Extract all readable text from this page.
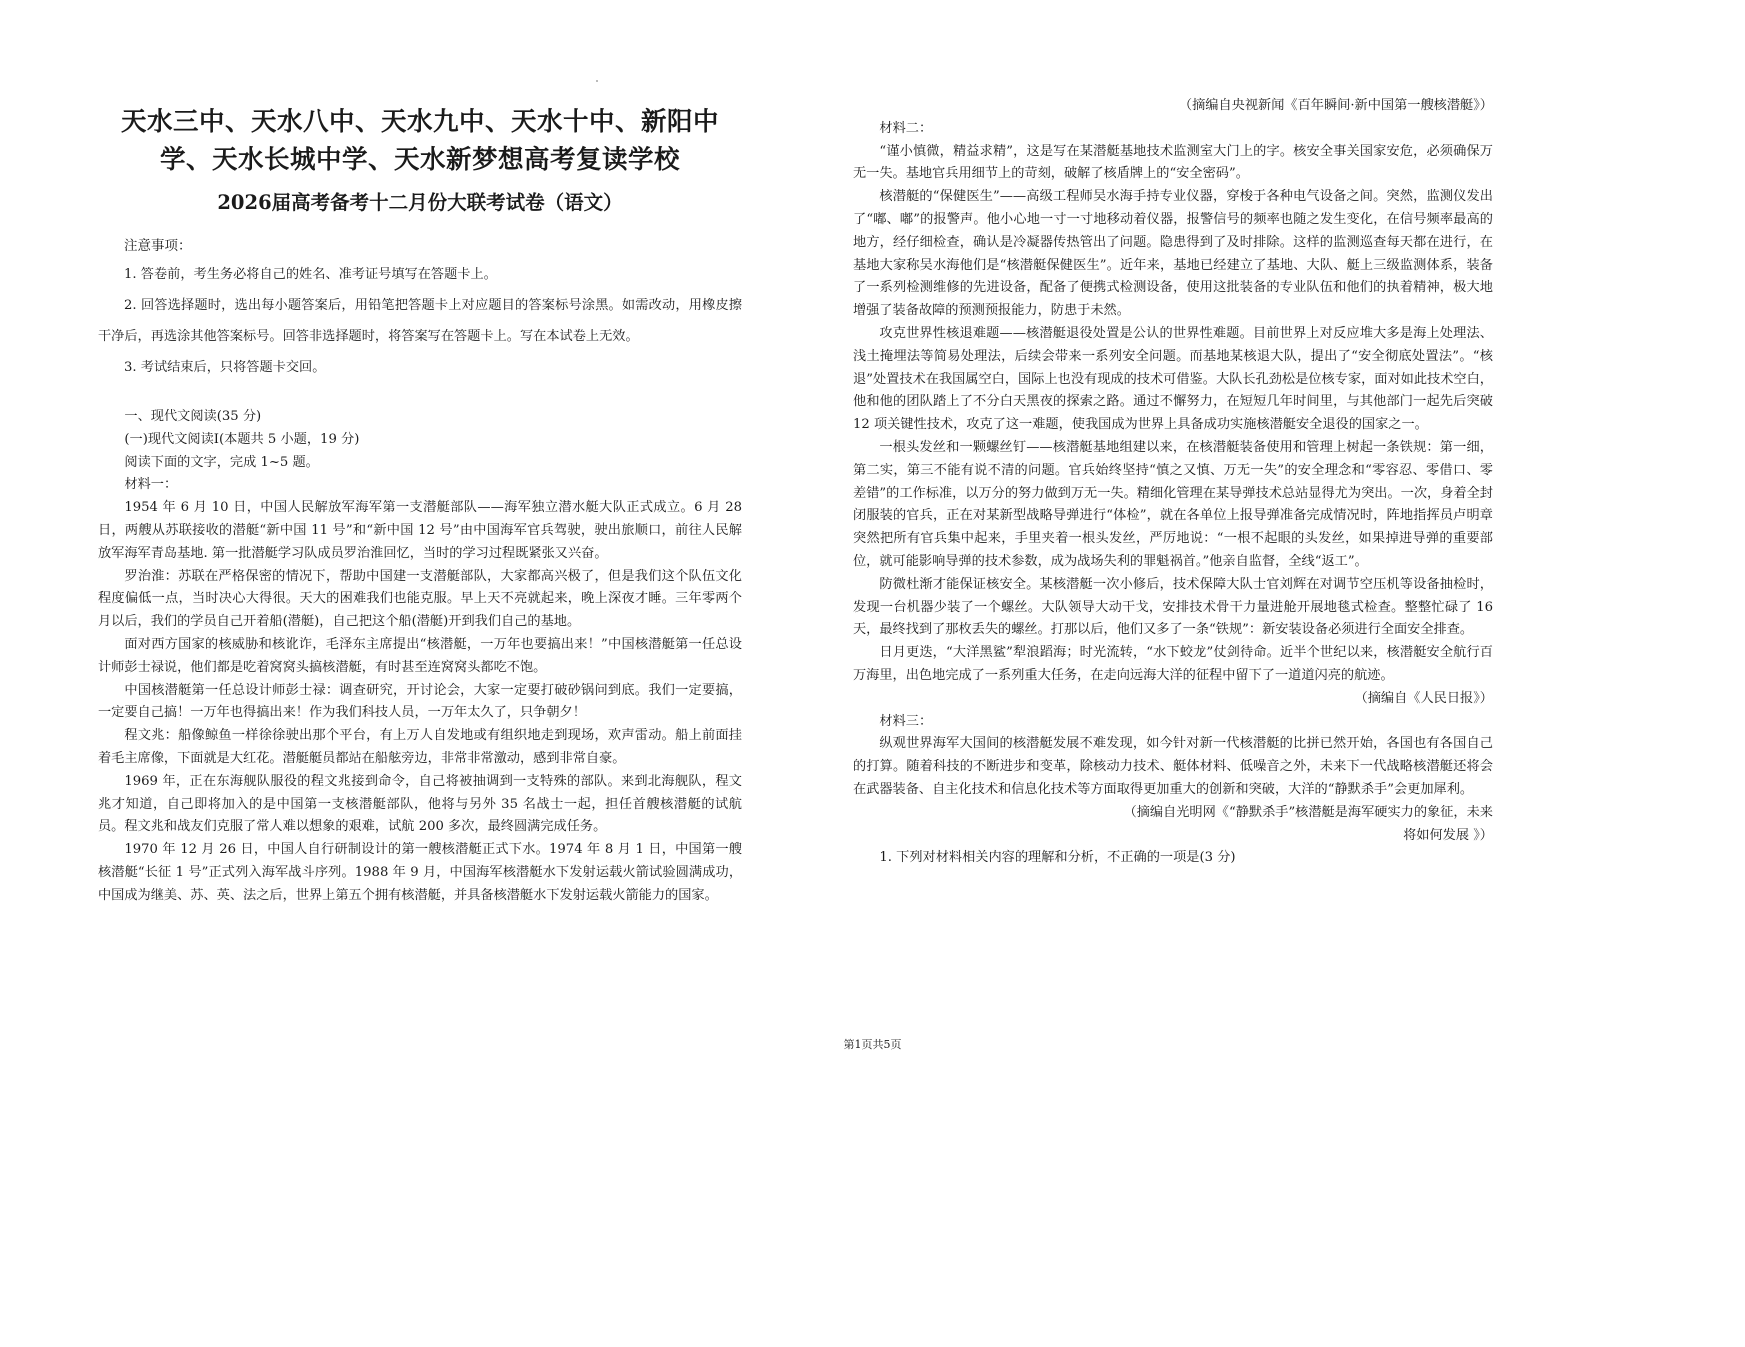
天水三中、天水八中、天水九中、天水十中、新阳中学、天水长城中学、天水新梦想高考复读学校
2026届高考备考十二月份大联考试卷（语文）

注意事项：

1. 答卷前，考生务必将自己的姓名、准考证号填写在答题卡上。

2. 回答选择题时，选出每小题答案后，用铅笔把答题卡上对应题目的答案标号涂黑。如需改动，用橡皮擦干净后，再选涂其他答案标号。回答非选择题时，将答案写在答题卡上。写在本试卷上无效。

3. 考试结束后，只将答题卡交回。

一、现代文阅读(35 分)

(一)现代文阅读Ⅰ(本题共 5 小题，19 分)

阅读下面的文字，完成 1~5 题。

材料一：

1954 年 6 月 10 日，中国人民解放军海军第一支潜艇部队——海军独立潜水艇大队正式成立。6 月 28 日，两艘从苏联接收的潜艇“新中国 11 号”和“新中国 12 号”由中国海军官兵驾驶，驶出旅顺口，前往人民解放军海军青岛基地. 第一批潜艇学习队成员罗治淮回忆，当时的学习过程既紧张又兴奋。

罗治淮：苏联在严格保密的情况下，帮助中国建一支潜艇部队，大家都高兴极了，但是我们这个队伍文化程度偏低一点，当时决心大得很。天大的困难我们也能克服。早上天不亮就起来，晚上深夜才睡。三年零两个月以后，我们的学员自己开着船(潜艇)，自己把这个船(潜艇)开到我们自己的基地。

面对西方国家的核威胁和核讹诈，毛泽东主席提出“核潜艇，一万年也要搞出来！”中国核潜艇第一任总设计师彭士禄说，他们都是吃着窝窝头搞核潜艇，有时甚至连窝窝头都吃不饱。

中国核潜艇第一任总设计师彭士禄：调查研究，开讨论会，大家一定要打破砂锅问到底。我们一定要搞，一定要自己搞！一万年也得搞出来！作为我们科技人员，一万年太久了，只争朝夕！

程文兆：船像鲸鱼一样徐徐驶出那个平台，有上万人自发地或有组织地走到现场，欢声雷动。船上前面挂着毛主席像，下面就是大红花。潜艇艇员都站在船舷旁边，非常非常激动，感到非常自豪。

1969 年，正在东海舰队服役的程文兆接到命令，自己将被抽调到一支特殊的部队。来到北海舰队，程文兆才知道，自己即将加入的是中国第一支核潜艇部队，他将与另外 35 名战士一起，担任首艘核潜艇的试航员。程文兆和战友们克服了常人难以想象的艰难，试航 200 多次，最终圆满完成任务。

1970 年 12 月 26 日，中国人自行研制设计的第一艘核潜艇正式下水。1974 年 8 月 1 日，中国第一艘核潜艇“长征 1 号”正式列入海军战斗序列。1988 年 9 月，中国海军核潜艇水下发射运载火箭试验圆满成功，中国成为继美、苏、英、法之后，世界上第五个拥有核潜艇，并具备核潜艇水下发射运载火箭能力的国家。

（摘编自央视新闻《百年瞬间·新中国第一艘核潜艇》）

材料二：

“谨小慎微，精益求精”，这是写在某潜艇基地技术监测室大门上的字。核安全事关国家安危，必须确保万无一失。基地官兵用细节上的苛刻，破解了核盾牌上的“安全密码”。

核潜艇的“保健医生”——高级工程师吴水海手持专业仪器，穿梭于各种电气设备之间。突然，监测仪发出了“嘟、嘟”的报警声。他小心地一寸一寸地移动着仪器，报警信号的频率也随之发生变化，在信号频率最高的地方，经仔细检查，确认是冷凝器传热管出了问题。隐患得到了及时排除。这样的监测巡查每天都在进行，在基地大家称吴水海他们是“核潜艇保健医生”。近年来，基地已经建立了基地、大队、艇上三级监测体系，装备了一系列检测维修的先进设备，配备了便携式检测设备，使用这批装备的专业队伍和他们的执着精神，极大地增强了装备故障的预测预报能力，防患于未然。

攻克世界性核退难题——核潜艇退役处置是公认的世界性难题。目前世界上对反应堆大多是海上处理法、浅土掩埋法等简易处理法，后续会带来一系列安全问题。而基地某核退大队，提出了“安全彻底处置法”。“核退”处置技术在我国属空白，国际上也没有现成的技术可借鉴。大队长孔劲松是位核专家，面对如此技术空白，他和他的团队踏上了不分白天黑夜的探索之路。通过不懈努力，在短短几年时间里，与其他部门一起先后突破 12 项关键性技术，攻克了这一难题，使我国成为世界上具备成功实施核潜艇安全退役的国家之一。

一根头发丝和一颗螺丝钉——核潜艇基地组建以来，在核潜艇装备使用和管理上树起一条铁规：第一细，第二实，第三不能有说不清的问题。官兵始终坚持“慎之又慎、万无一失”的安全理念和“零容忍、零借口、零差错”的工作标准，以万分的努力做到万无一失。精细化管理在某导弹技术总站显得尤为突出。一次，身着全封闭服装的官兵，正在对某新型战略导弹进行“体检”，就在各单位上报导弹准备完成情况时，阵地指挥员卢明章突然把所有官兵集中起来，手里夹着一根头发丝，严厉地说：“一根不起眼的头发丝，如果掉进导弹的重要部位，就可能影响导弹的技术参数，成为战场失利的罪魁祸首。”他亲自监督，全线“返工”。

防微杜渐才能保证核安全。某核潜艇一次小修后，技术保障大队士官刘辉在对调节空压机等设备抽检时，发现一台机器少装了一个螺丝。大队领导大动干戈，安排技术骨干力量进舱开展地毯式检查。整整忙碌了 16 天，最终找到了那枚丢失的螺丝。打那以后，他们又多了一条“铁规”：新安装设备必须进行全面安全排查。

日月更迭，“大洋黑鲨”犁浪蹈海；时光流转，“水下蛟龙”仗剑待命。近半个世纪以来，核潜艇安全航行百万海里，出色地完成了一系列重大任务，在走向远海大洋的征程中留下了一道道闪亮的航迹。

（摘编自《人民日报》）

材料三：

纵观世界海军大国间的核潜艇发展不难发现，如今针对新一代核潜艇的比拼已然开始，各国也有各国自己的打算。随着科技的不断进步和变革，除核动力技术、艇体材料、低噪音之外，未来下一代战略核潜艇还将会在武器装备、自主化技术和信息化技术等方面取得更加重大的创新和突破，大洋的“静默杀手”会更加犀利。

（摘编自光明网《“静默杀手”核潜艇是海军硬实力的象征，未来

将如何发展 》）

1. 下列对材料相关内容的理解和分析，不正确的一项是(3 分)

第1页共5页
